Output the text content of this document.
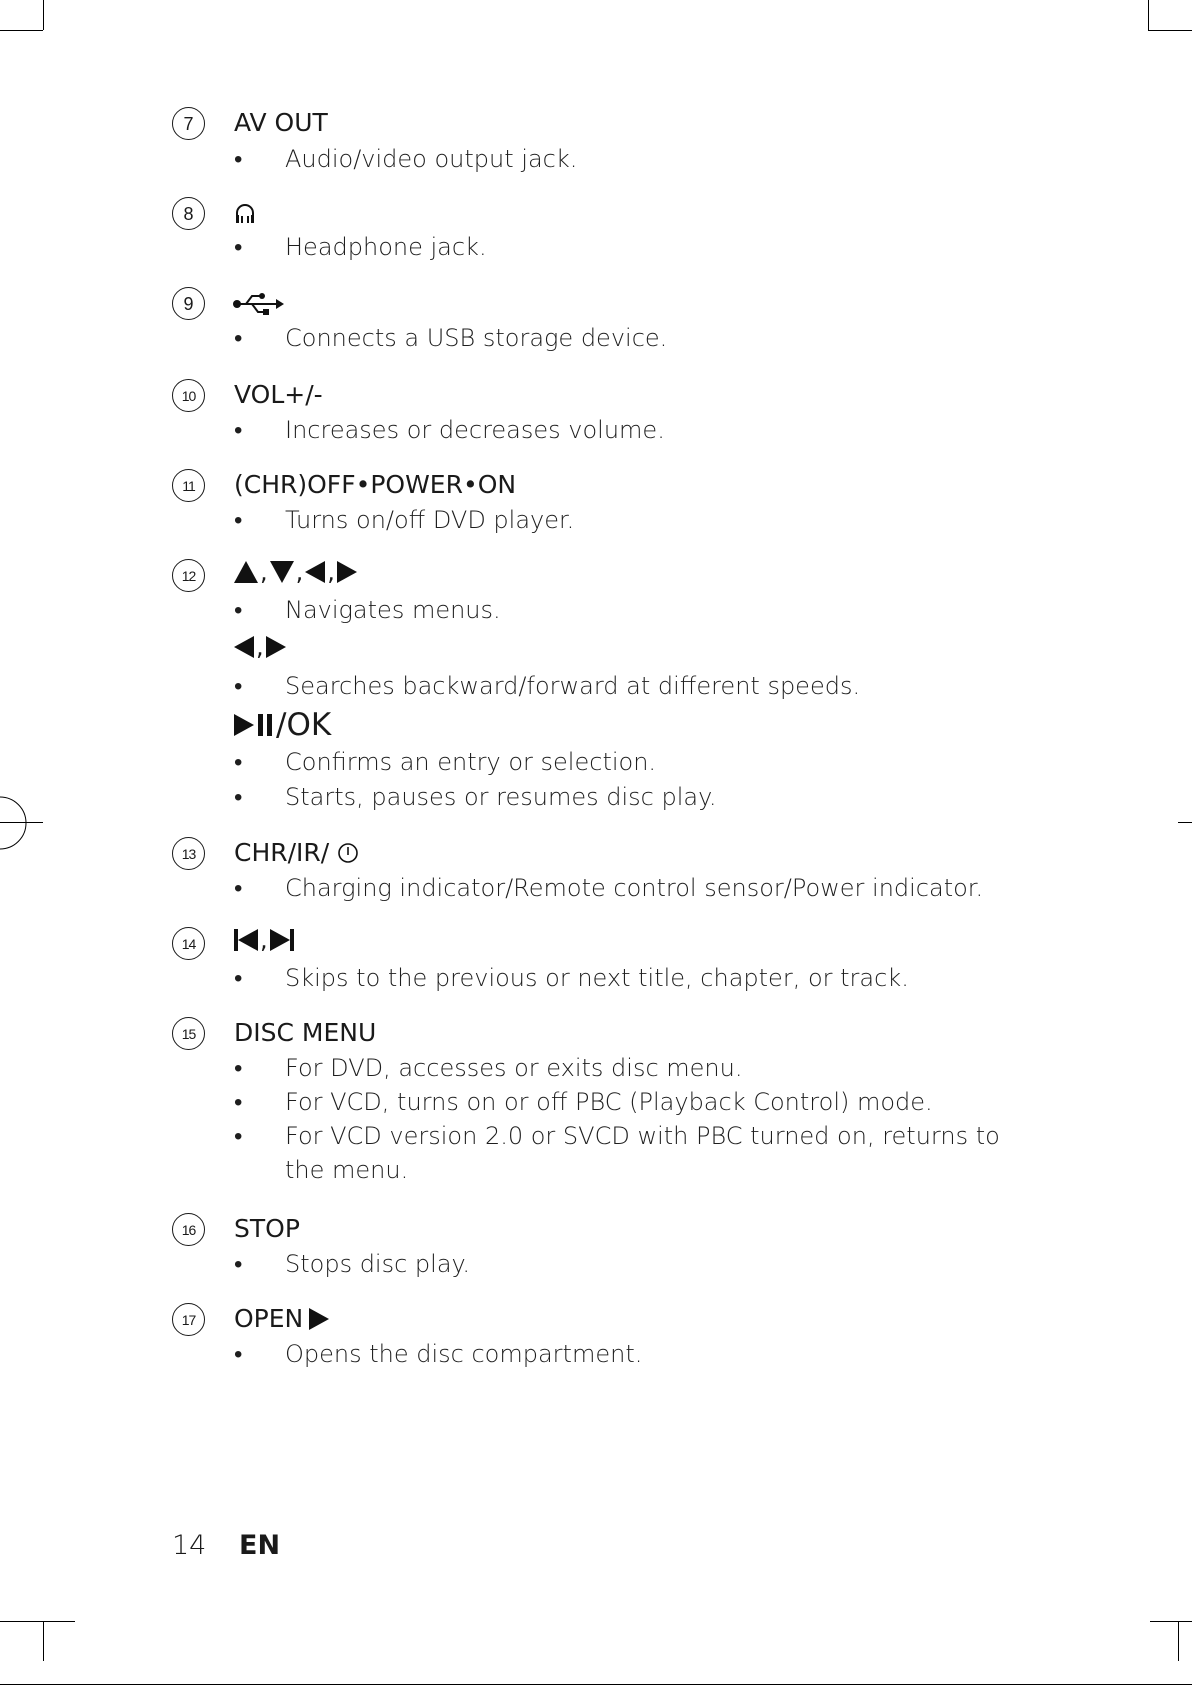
7	AV OUT
• Audio/video output jack.
8
• Headphone jack.
9
• Connects a USB storage device.
10	VOL+/-
• Increases or decreases volume.
11	(CHR)OFF•POWER•ON
• Turns on/off DVD player.
12	, , ,
• Navigates menus.
,
• Searches backward/forward at different speeds.
/OK
• Confirms an entry or selection.
• Starts, pauses or resumes disc play.
13	CHR/IR/
• Charging indicator/Remote control sensor/Power indicator.
14	,
• Skips to the previous or next title, chapter, or track.
15	DISC MENU
• For DVD, accesses or exits disc menu.
• For VCD, turns on or off PBC (Playback Control) mode.
• For VCD version 2.0 or SVCD with PBC turned on, returns to the menu.
16	STOP
• Stops disc play.
17	OPEN
• Opens the disc compartment.
14 EN
